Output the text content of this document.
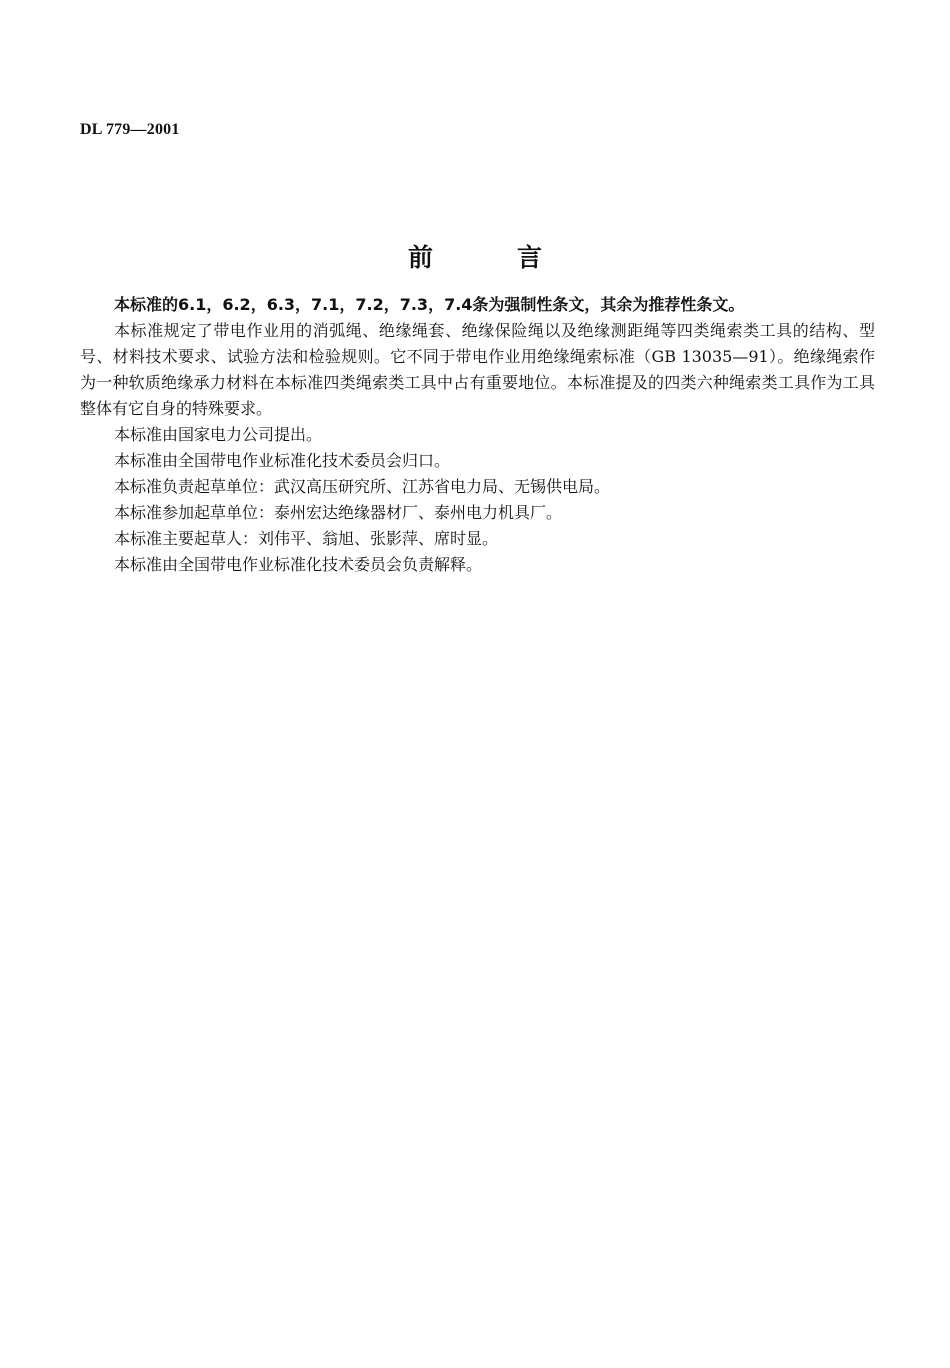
DL 779—2001
前言

本标准的6.1，6.2，6.3，7.1，7.2，7.3，7.4条为强制性条文，其余为推荐性条文。

本标准规定了带电作业用的消弧绳、绝缘绳套、绝缘保险绳以及绝缘测距绳等四类绳索类工具的结构、型号、材料技术要求、试验方法和检验规则。它不同于带电作业用绝缘绳索标准（GB 13035—91）。绝缘绳索作为一种软质绝缘承力材料在本标准四类绳索类工具中占有重要地位。本标准提及的四类六种绳索类工具作为工具整体有它自身的特殊要求。

本标准由国家电力公司提出。

本标准由全国带电作业标准化技术委员会归口。

本标准负责起草单位：武汉高压研究所、江苏省电力局、无锡供电局。

本标准参加起草单位：泰州宏达绝缘器材厂、泰州电力机具厂。

本标准主要起草人：刘伟平、翁旭、张影萍、席时显。

本标准由全国带电作业标准化技术委员会负责解释。
